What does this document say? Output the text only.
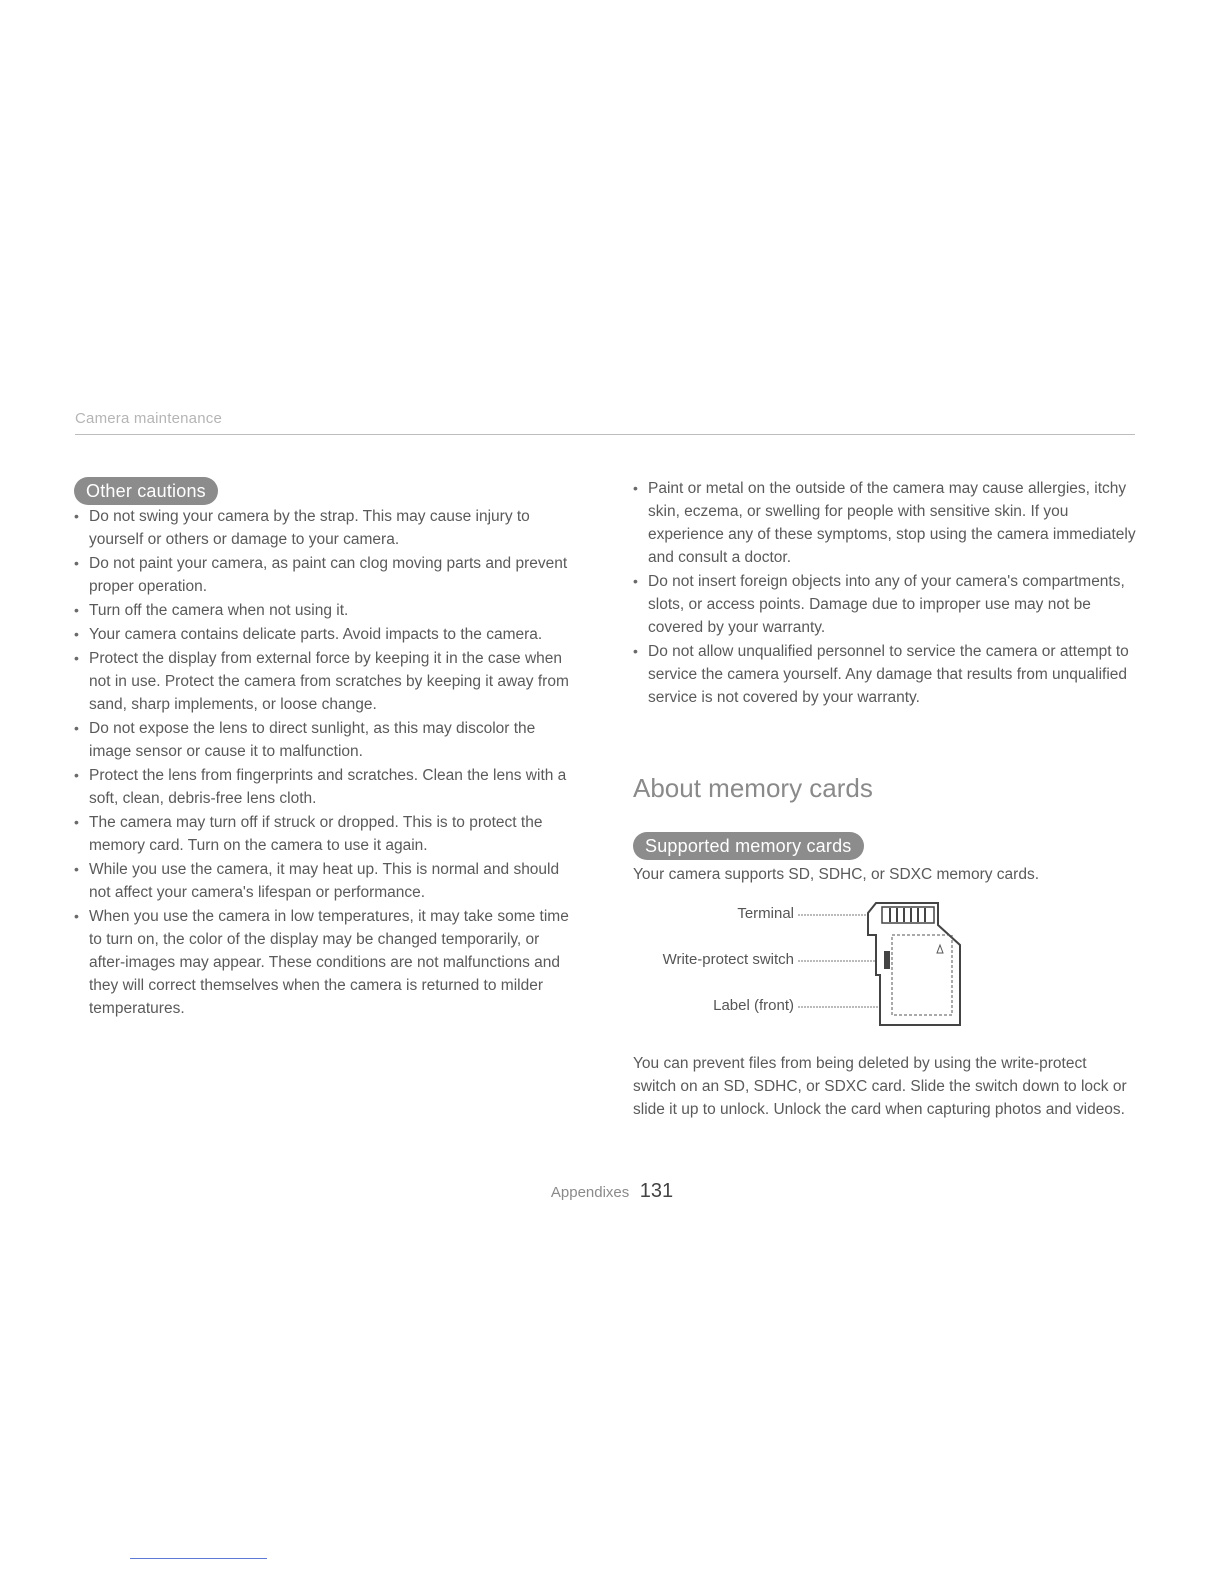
Camera maintenance
Other cautions
• Do not swing your camera by the strap. This may cause injury to yourself or others or damage to your camera.
• Do not paint your camera, as paint can clog moving parts and prevent proper operation.
• Turn off the camera when not using it.
• Your camera contains delicate parts. Avoid impacts to the camera.
• Protect the display from external force by keeping it in the case when not in use. Protect the camera from scratches by keeping it away from sand, sharp implements, or loose change.
• Do not expose the lens to direct sunlight, as this may discolor the image sensor or cause it to malfunction.
• Protect the lens from fingerprints and scratches. Clean the lens with a soft, clean, debris-free lens cloth.
• The camera may turn off if struck or dropped. This is to protect the memory card. Turn on the camera to use it again.
• While you use the camera, it may heat up. This is normal and should not affect your camera's lifespan or performance.
• When you use the camera in low temperatures, it may take some time to turn on, the color of the display may be changed temporarily, or after-images may appear. These conditions are not malfunctions and they will correct themselves when the camera is returned to milder temperatures.
• Paint or metal on the outside of the camera may cause allergies, itchy skin, eczema, or swelling for people with sensitive skin. If you experience any of these symptoms, stop using the camera immediately and consult a doctor.
• Do not insert foreign objects into any of your camera's compartments, slots, or access points. Damage due to improper use may not be covered by your warranty.
• Do not allow unqualified personnel to service the camera or attempt to service the camera yourself. Any damage that results from unqualified service is not covered by your warranty.
About memory cards
Supported memory cards
Your camera supports SD, SDHC, or SDXC memory cards.
Terminal
Write-protect switch
Label (front)

You can prevent files from being deleted by using the write-protect switch on an SD, SDHC, or SDXC card. Slide the switch down to lock or slide it up to unlock. Unlock the card when capturing photos and videos.

Appendixes 131
